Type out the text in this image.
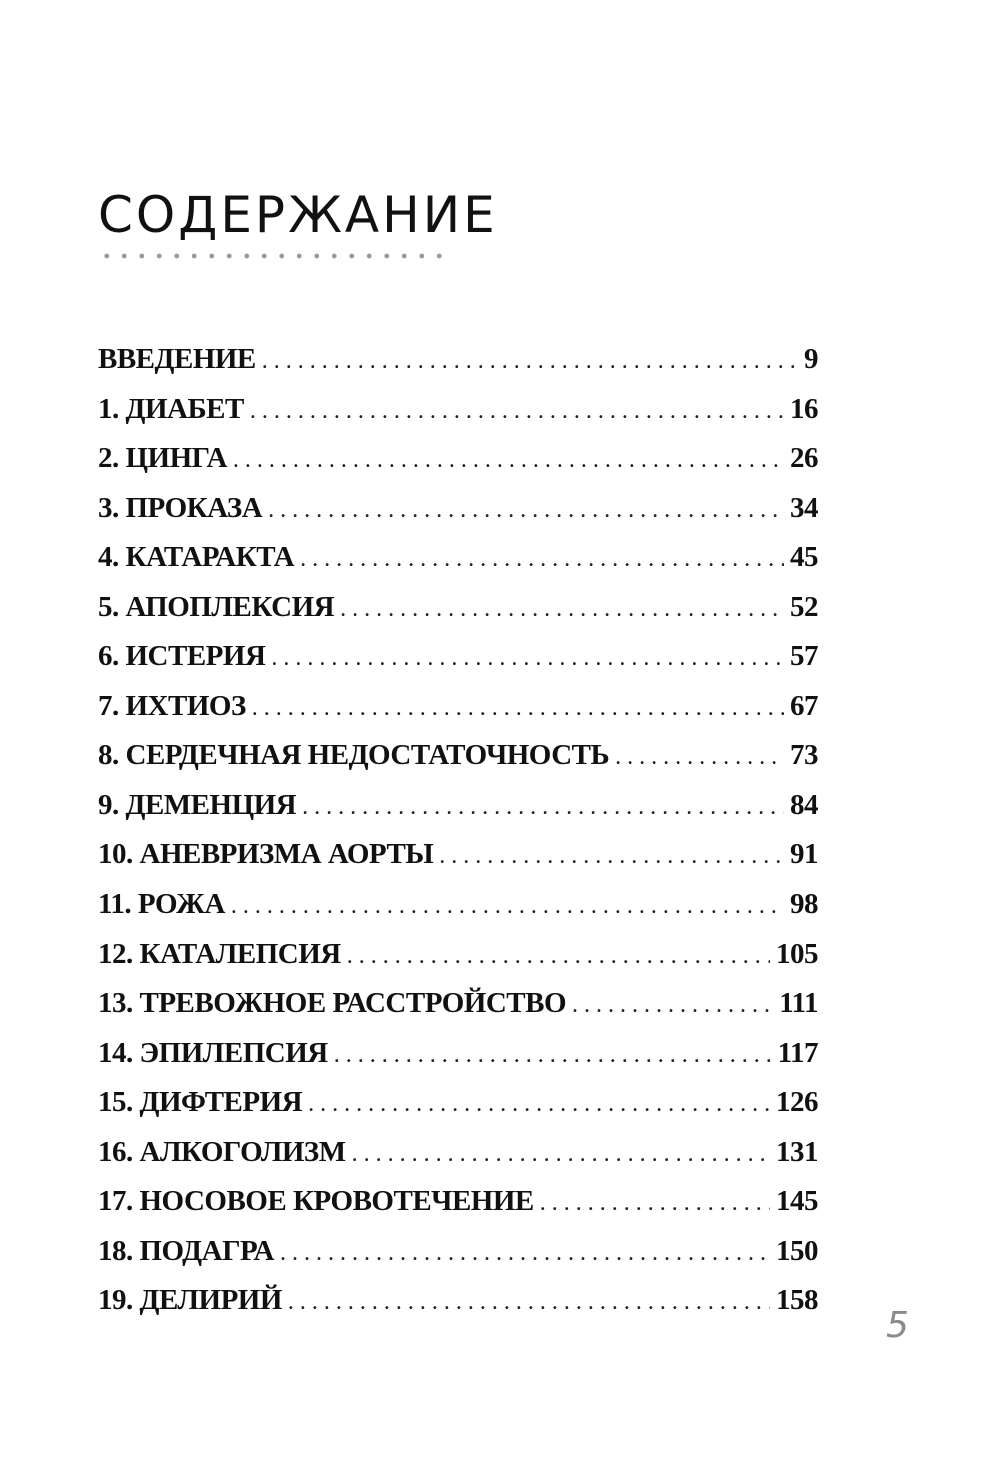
СОДЕРЖАНИЕ
ВВЕДЕНИЕ . . .	9
1. ДИАБЕТ . . .	16
2. ЦИНГА . . .	26
3. ПРОКАЗА . . .	34
4. КАТАРАКТА . . .	45
5. АПОПЛЕКСИЯ . . .	52
6. ИСТЕРИЯ . . .	57
7. ИХТИОЗ . . .	67
8. СЕРДЕЧНАЯ НЕДОСТАТОЧНОСТЬ . . .	73
9. ДЕМЕНЦИЯ . . .	84
10. АНЕВРИЗМА АОРТЫ . . .	91
11. РОЖА . . .	98
12. КАТАЛЕПСИЯ . . .	105
13. ТРЕВОЖНОЕ РАССТРОЙСТВО . . .	111
14. ЭПИЛЕПСИЯ . . .	117
15. ДИФТЕРИЯ . . .	126
16. АЛКОГОЛИЗМ . . .	131
17. НОСОВОЕ КРОВОТЕЧЕНИЕ . . .	145
18. ПОДАГРА . . .	150
19. ДЕЛИРИЙ . . .	158
5
